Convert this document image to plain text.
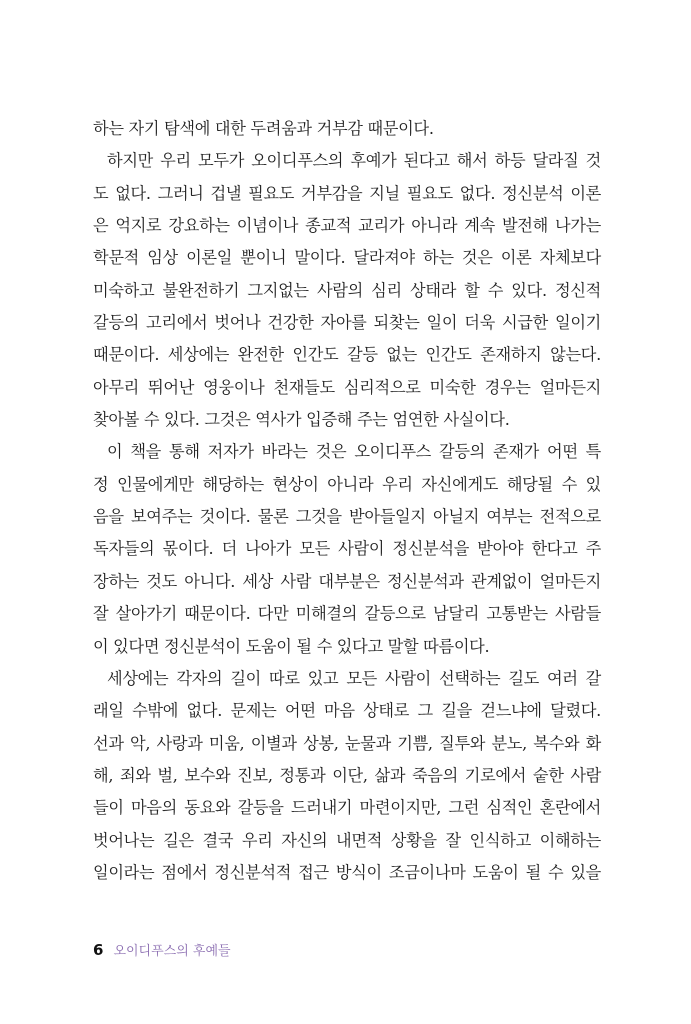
하는 자기 탐색에 대한 두려움과 거부감 때문이다.
하지만 우리 모두가 오이디푸스의 후예가 된다고 해서 하등 달라질 것
도 없다. 그러니 겁낼 필요도 거부감을 지닐 필요도 없다. 정신분석 이론
은 억지로 강요하는 이념이나 종교적 교리가 아니라 계속 발전해 나가는
학문적 임상 이론일 뿐이니 말이다. 달라져야 하는 것은 이론 자체보다
미숙하고 불완전하기 그지없는 사람의 심리 상태라 할 수 있다. 정신적
갈등의 고리에서 벗어나 건강한 자아를 되찾는 일이 더욱 시급한 일이기
때문이다. 세상에는 완전한 인간도 갈등 없는 인간도 존재하지 않는다.
아무리 뛰어난 영웅이나 천재들도 심리적으로 미숙한 경우는 얼마든지
찾아볼 수 있다. 그것은 역사가 입증해 주는 엄연한 사실이다.
이 책을 통해 저자가 바라는 것은 오이디푸스 갈등의 존재가 어떤 특
정 인물에게만 해당하는 현상이 아니라 우리 자신에게도 해당될 수 있
음을 보여주는 것이다. 물론 그것을 받아들일지 아닐지 여부는 전적으로
독자들의 몫이다. 더 나아가 모든 사람이 정신분석을 받아야 한다고 주
장하는 것도 아니다. 세상 사람 대부분은 정신분석과 관계없이 얼마든지
잘 살아가기 때문이다. 다만 미해결의 갈등으로 남달리 고통받는 사람들
이 있다면 정신분석이 도움이 될 수 있다고 말할 따름이다.
세상에는 각자의 길이 따로 있고 모든 사람이 선택하는 길도 여러 갈
래일 수밖에 없다. 문제는 어떤 마음 상태로 그 길을 걷느냐에 달렸다.
선과 악, 사랑과 미움, 이별과 상봉, 눈물과 기쁨, 질투와 분노, 복수와 화
해, 죄와 벌, 보수와 진보, 정통과 이단, 삶과 죽음의 기로에서 숱한 사람
들이 마음의 동요와 갈등을 드러내기 마련이지만, 그런 심적인 혼란에서
벗어나는 길은 결국 우리 자신의 내면적 상황을 잘 인식하고 이해하는
일이라는 점에서 정신분석적 접근 방식이 조금이나마 도움이 될 수 있을
6 오이디푸스의 후예들
